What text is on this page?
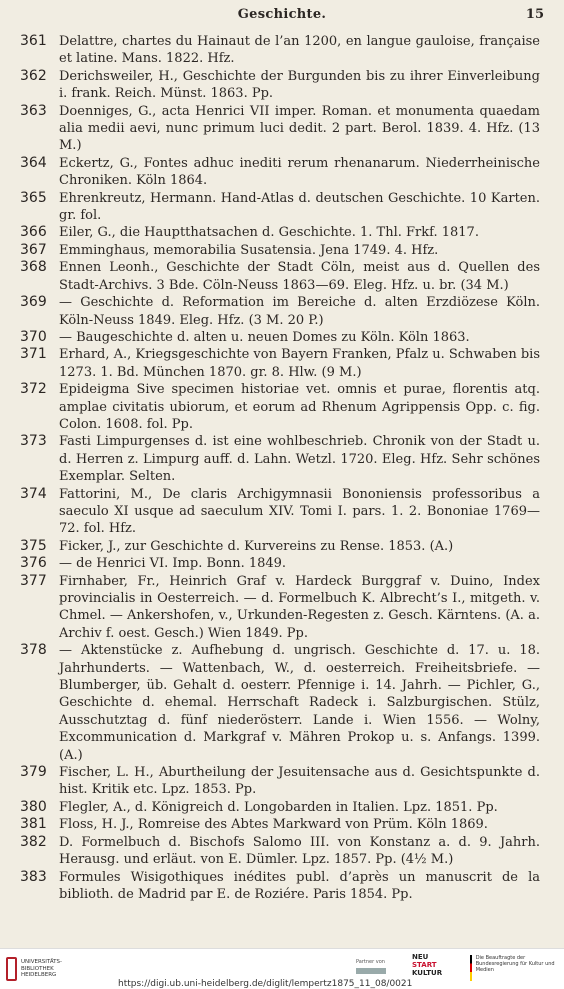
Geschichte.	15
361 Delattre, chartes du Hainaut de l’an 1200, en langue gauloise, française et latine. Mans. 1822. Hfz.
362 Derichsweiler, H., Geschichte der Burgunden bis zu ihrer Einverleibung i. frank. Reich. Münst. 1863. Pp.
363 Doenniges, G., acta Henrici VII imper. Roman. et monumenta quaedam alia medii aevi, nunc primum luci dedit. 2 part. Berol. 1839. 4. Hfz. (13 M.)
364 Eckertz, G., Fontes adhuc inediti rerum rhenanarum. Niederrheinische Chroniken. Köln 1864.
365 Ehrenkreutz, Hermann. Hand-Atlas d. deutschen Geschichte. 10 Karten. gr. fol.
366 Eiler, G., die Hauptthatsachen d. Geschichte. 1. Thl. Frkf. 1817.
367 Emminghaus, memorabilia Susatensia. Jena 1749. 4. Hfz.
368 Ennen Leonh., Geschichte der Stadt Cöln, meist aus d. Quellen des Stadt-Archivs. 3 Bde. Cöln-Neuss 1863—69. Eleg. Hfz. u. br. (34 M.)
369 — Geschichte d. Reformation im Bereiche d. alten Erzdiözese Köln. Köln-Neuss 1849. Eleg. Hfz. (3 M. 20 P.)
370 — Baugeschichte d. alten u. neuen Domes zu Köln. Köln 1863.
371 Erhard, A., Kriegsgeschichte von Bayern Franken, Pfalz u. Schwaben bis 1273. 1. Bd. München 1870. gr. 8. Hlw. (9 M.)
372 Epideigma Sive specimen historiae vet. omnis et purae, florentis atq. amplae civitatis ubiorum, et eorum ad Rhenum Agrippensis Opp. c. fig. Colon. 1608. fol. Pp.
373 Fasti Limpurgenses d. ist eine wohlbeschrieb. Chronik von der Stadt u. d. Herren z. Limpurg auff. d. Lahn. Wetzl. 1720. Eleg. Hfz. Sehr schönes Exemplar. Selten.
374 Fattorini, M., De claris Archigymnasii Bononiensis professoribus a saeculo XI usque ad saeculum XIV. Tomi I. pars. 1. 2. Bononiae 1769—72. fol. Hfz.
375 Ficker, J., zur Geschichte d. Kurvereins zu Rense. 1853. (A.)
376 — de Henrici VI. Imp. Bonn. 1849.
377 Firnhaber, Fr., Heinrich Graf v. Hardeck Burggraf v. Duino, Index provincialis in Oesterreich. — d. Formelbuch K. Albrecht’s I., mitgeth. v. Chmel. — Ankershofen, v., Urkunden-Regesten z. Gesch. Kärntens. (A. a. Archiv f. oest. Gesch.) Wien 1849. Pp.
378 — Aktenstücke z. Aufhebung d. ungrisch. Geschichte d. 17. u. 18. Jahrhunderts. — Wattenbach, W., d. oesterreich. Freiheitsbriefe. — Blumberger, üb. Gehalt d. oesterr. Pfennige i. 14. Jahrh. — Pichler, G., Geschichte d. ehemal. Herrschaft Radeck i. Salzburgischen. Stülz, Ausschutztag d. fünf niederösterr. Lande i. Wien 1556. — Wolny, Excommunication d. Markgraf v. Mähren Prokop u. s. Anfangs. 1399. (A.)
379 Fischer, L. H., Aburtheilung der Jesuitensache aus d. Gesichtspunkte d. hist. Kritik etc. Lpz. 1853. Pp.
380 Flegler, A., d. Königreich d. Longobarden in Italien. Lpz. 1851. Pp.
381 Floss, H. J., Romreise des Abtes Markward von Prüm. Köln 1869.
382 D. Formelbuch d. Bischofs Salomo III. von Konstanz a. d. 9. Jahrh. Herausg. und erläut. von E. Dümler. Lpz. 1857. Pp. (4½ M.)
383 Formules Wisigothiques inédites publ. d’après un manuscrit de la biblioth. de Madrid par E. de Roziére. Paris 1854. Pp.
UNIVERSITÄTS-BIBLIOTHEK HEIDELBERG
Partner von
NEU
START
KULTUR
Die Beauftragte der Bundesregierung für Kultur und Medien
https://digi.ub.uni-heidelberg.de/diglit/lempertz1875_11_08/0021
